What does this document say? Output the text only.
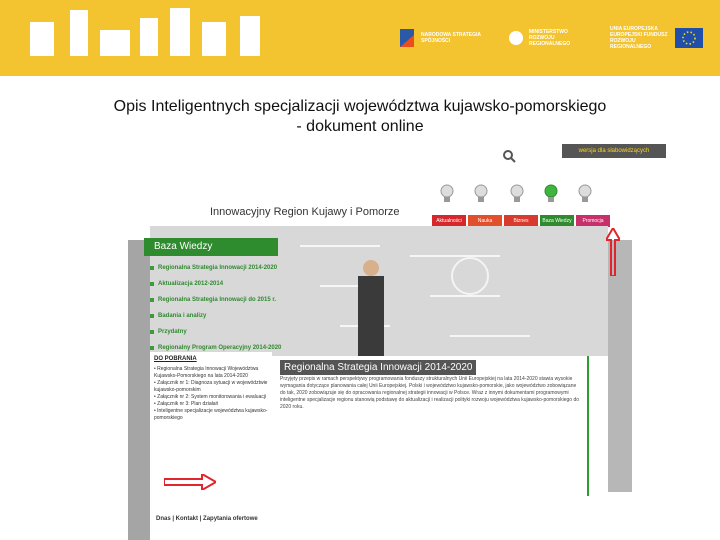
NARODOWA STRATEGIA SPÓJNOŚCI
MINISTERSTWO ROZWOJU REGIONALNEGO
UNIA EUROPEJSKA EUROPEJSKI FUNDUSZ ROZWOJU REGIONALNEGO
Opis Inteligentnych specjalizacji województwa kujawsko-pomorskiego
- dokument online
wersja dla słabowidzących
Innowacyjny Region Kujawy i Pomorze
Aktualności	Nauka	Biznes	Baza Wiedzy	Promocja
Baza Wiedzy
Regionalna Strategia Innowacji 2014-2020
Aktualizacja 2012-2014
Regionalna Strategia Innowacji do 2015 r.
Badania i analizy
Przydatny
Regionalny Program Operacyjny 2014-2020
DO POBRANIA
• Regionalna Strategia Innowacji Województwa Kujawsko-Pomorskiego na lata 2014-2020
• Załącznik nr 1: Diagnoza sytuacji w województwie kujawsko-pomorskim
• Załącznik nr 2: System monitorowania i ewaluacji
• Załącznik nr 3: Plan działań
• Inteligentne specjalizacje województwa kujawsko-pomorskiego
Regionalna Strategia Innowacji 2014-2020
Przyjęty przepis w ramach perspektywy programowania fonduszy strukturalnych Unii Europejskiej na lata 2014-2020 stawia wysokie wymagania dotyczące planowania całej Unii Europejskiej. Polski i województwo kujawsko-pomorskie, jako województwo zobowiązane do tak, 2020 zobowiązuje się do opracowania regionalnej strategii innowacji w Polsce. Wraz z innymi dokumentami programowymi inteligentne specjalizacje regionu stanowią podstawę do aktualizacji i realizacji polityki rozwoju województwa kujawsko-pomorskiego do 2020 roku.
Dnas | Kontakt | Zapytania ofertowe
